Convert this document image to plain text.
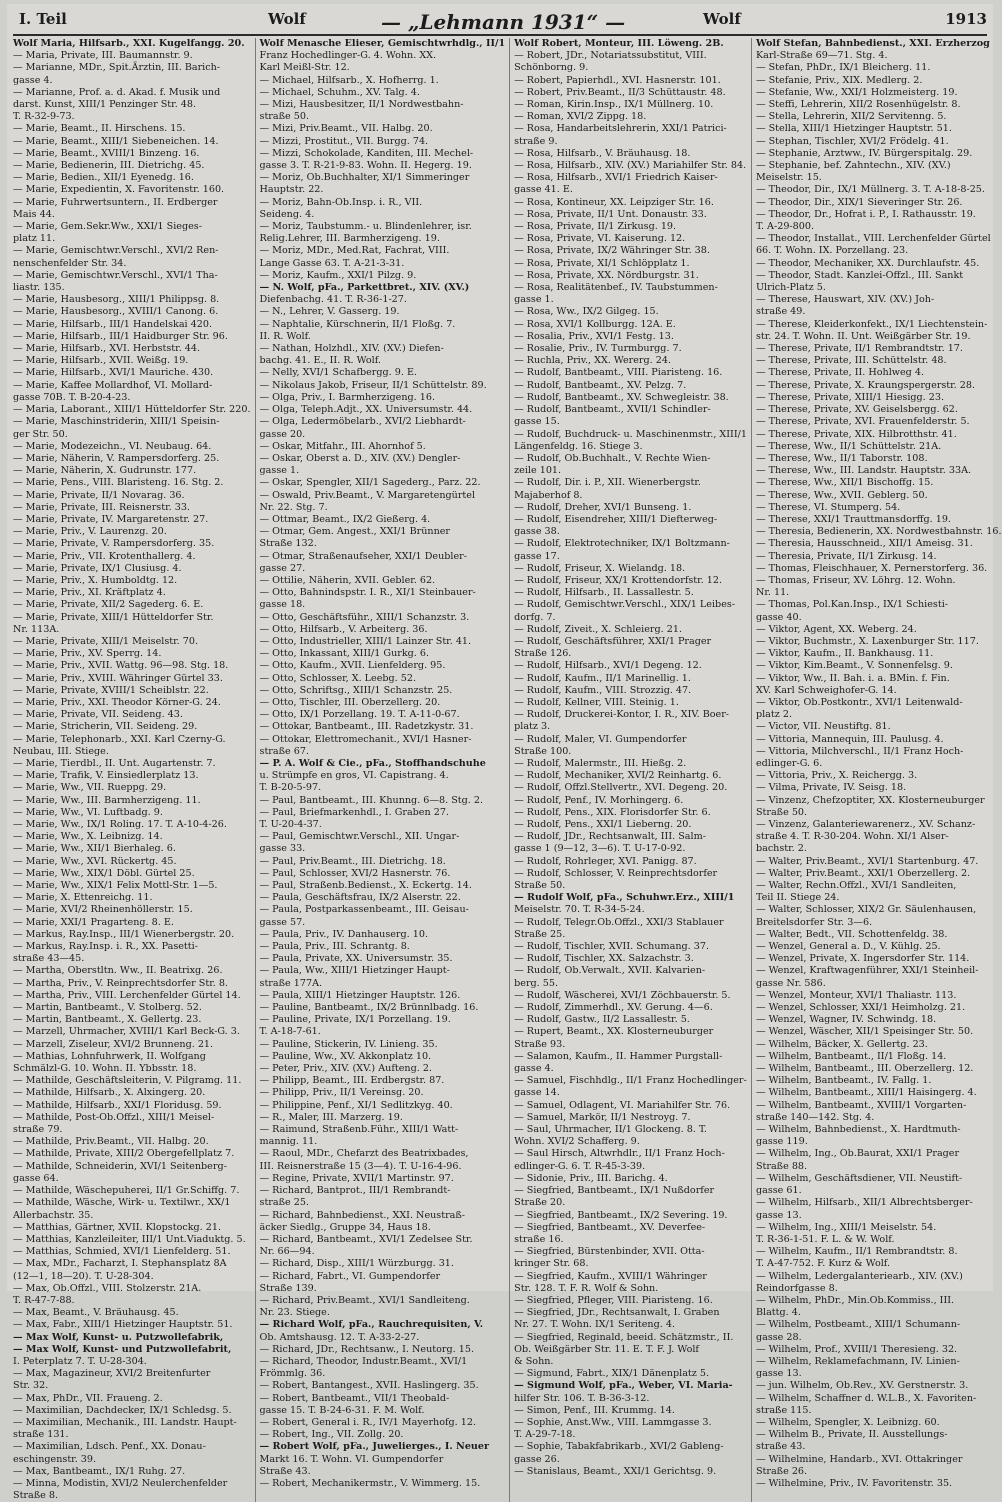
I. Teil	Wolf	— „Lehmann 1931“ —	Wolf	1913
Wolf Maria, Hilfsarb., XXI. Kugelfangg. 20.
— Maria, Private, III. Baumannstr. 9.
— Marianne, MDr., Spit.Ärztin, III. Barich-
gasse 4.
— Marianne, Prof. a. d. Akad. f. Musik und
darst. Kunst, XIII/1 Penzinger Str. 48.
T. R-32-9-73.
— Marie, Beamt., II. Hirschens. 15.
— Marie, Beamt., XIII/1 Siebeneichen. 14.
— Marie, Beamt., XVIII/1 Binzeng. 16.
— Marie, Bedienerin, III. Dietrichg. 45.
— Marie, Bedien., XII/1 Eyenedg. 16.
— Marie, Expedientin, X. Favoritenstr. 160.
— Marie, Fuhrwertsuntern., II. Erdberger
Mais 44.
— Marie, Gem.Sekr.Ww., XXI/1 Sieges-
platz 11.
— Marie, Gemischtwr.Verschl., XVI/2 Ren-
nenschenfelder Str. 34.
— Marie, Gemischtwr.Verschl., XVI/1 Tha-
liastr. 135.
— Marie, Hausbesorg., XIII/1 Philippsg. 8.
— Marie, Hausbesorg., XVIII/1 Canong. 6.
— Marie, Hilfsarb., III/1 Handelskai 420.
— Marie, Hilfsarb., III/1 Haidburger Str. 96.
— Marie, Hilfsarb., XVI. Herbststr. 44.
— Marie, Hilfsarb., XVII. Weißg. 19.
— Marie, Hilfsarb., XVI/1 Mauriche. 430.
— Marie, Kaffee Mollardhof, VI. Mollard-
gasse 70B. T. B-20-4-23.
— Maria, Laborant., XIII/1 Hütteldorfer Str. 220.
— Marie, Maschinstriderin, XIII/1 Speisin-
ger Str. 50.
— Marie, Modezeichn., VI. Neubaug. 64.
— Marie, Näherin, V. Rampersdorferg. 25.
— Marie, Näherin, X. Gudrunstr. 177.
— Marie, Pens., VIII. Blaristeng. 16. Stg. 2.
— Marie, Private, II/1 Novarag. 36.
— Marie, Private, III. Reisnerstr. 33.
— Marie, Private, IV. Margaretenstr. 27.
— Marie, Priv., V. Laurenzg. 20.
— Marie, Private, V. Rampersdorferg. 35.
— Marie, Priv., VII. Krotenthallerg. 4.
— Marie, Private, IX/1 Clusiusg. 4.
— Marie, Priv., X. Humboldtg. 12.
— Marie, Priv., XI. Kräftplatz 4.
— Marie, Private, XII/2 Sagederg. 6. E.
— Marie, Private, XIII/1 Hütteldorfer Str.
Nr. 113A.
— Marie, Private, XIII/1 Meiselstr. 70.
— Marie, Priv., XV. Sperrg. 14.
— Marie, Priv., XVII. Wattg. 96—98. Stg. 18.
— Marie, Priv., XVIII. Währinger Gürtel 33.
— Marie, Private, XVIII/1 Scheiblstr. 22.
— Marie, Priv., XXI. Theodor Körner-G. 24.
— Marie, Private, VII. Seideng. 43.
— Marie, Stricherin, VII. Seideng. 29.
— Marie, Telephonarb., XXI. Karl Czerny-G.
Neubau, III. Stiege.
— Marie, Tierdbl., II. Unt. Augartenstr. 7.
— Marie, Trafik, V. Einsiedlerplatz 13.
— Marie, Ww., VII. Rueppg. 29.
— Marie, Ww., III. Barmherzigeng. 11.
— Marie, Ww., VI. Luftbadg. 9.
— Marie, Ww., IX/1 Roling. 17. T. A-10-4-26.
— Marie, Ww., X. Leibnizg. 14.
— Marie, Ww., XII/1 Bierhaleg. 6.
— Marie, Ww., XVI. Rückertg. 45.
— Marie, Ww., XIX/1 Döbl. Gürtel 25.
— Marie, Ww., XIX/1 Felix Mottl-Str. 1—5.
— Marie, X. Ettenreichg. 11.
— Marie, XVI/2 Rheinenhöllerstr. 15.
— Marie, XXI/1 Pragarteng. 8. E.
— Markus, Ray.Insp., III/1 Wienerbergstr. 20.
— Markus, Ray.Insp. i. R., XX. Pasetti-
straße 43—45.
— Martha, Oberstltn. Ww., II. Beatrixg. 26.
— Martha, Priv., V. Reinprechtsdorfer Str. 8.
— Martha, Priv., VIII. Lerchenfelder Gürtel 14.
— Martin, Bantbeamt., V. Stolberg. 52.
— Martin, Bantbeamt., X. Gellertg. 23.
— Marzell, Uhrmacher, XVIII/1 Karl Beck-G. 3.
— Marzell, Ziseleur, XVI/2 Brunneng. 21.
— Mathias, Lohnfuhrwerk, II. Wolfgang
Schmälzl-G. 10. Wohn. II. Ybbsstr. 18.
— Mathilde, Geschäftsleiterin, V. Pilgramg. 11.
— Mathilde, Hilfsarb., X. Alxingerg. 20.
— Mathilde, Hilfsarb., XXI/1 Floridusg. 59.
— Mathilde, Post-Ob.Offzl., XIII/1 Meisel-
straße 79.
— Mathilde, Priv.Beamt., VII. Halbg. 20.
— Mathilde, Private, XIII/2 Obergefellplatz 7.
— Mathilde, Schneiderin, XVI/1 Seitenberg-
gasse 64.
— Mathilde, Wäschepuherei, II/1 Gr.Schiffg. 7.
— Mathilde, Wäsche, Wirk- u. Textilwr., XX/1
Allerbachstr. 35.
— Matthias, Gärtner, XVII. Klopstockg. 21.
— Matthias, Kanzleileiter, III/1 Unt.Viaduktg. 5.
— Matthias, Schmied, XVI/1 Lienfelderg. 51.
— Max, MDr., Facharzt, I. Stephansplatz 8A
(12—1, 18—20). T. U-28-304.
— Max, Ob.Offzl., VIII. Stolzerstr. 21A.
T. R-47-7-88.
— Max, Beamt., V. Bräuhausg. 45.
— Max, Fabr., XIII/1 Hietzinger Hauptstr. 51.
— Max Wolf, Kunst- u. Putzwollefabrik,
— Max Wolf, Kunst- und Putzwollefabrit,
I. Peterplatz 7. T. U-28-304.
— Max, Magazineur, XVI/2 Breitenfurter
Str. 32.
— Max, PhDr., VII. Fraueng. 2.
— Maximilian, Dachdecker, IX/1 Schledsg. 5.
— Maximilian, Mechanik., III. Landstr. Haupt-
straße 131.
— Maximilian, Ldsch. Penf., XX. Donau-
eschingenstr. 39.
— Max, Bantbeamt., IX/1 Ruhg. 27.
— Minna, Modistin, XVI/2 Neulerchenfelder
Straße 8.
Wolf Menasche Elieser, Gemischtwrhdlg., II/1
Franz Hochedlinger-G. 4. Wohn. XX.
Karl Meißl-Str. 12.
— Michael, Hilfsarb., X. Hofherrg. 1.
— Michael, Schuhm., XV. Talg. 4.
— Mizi, Hausbesitzer, II/1 Nordwestbahn-
straße 50.
— Mizi, Priv.Beamt., VII. Halbg. 20.
— Mizzi, Prostitut., VII. Burgg. 74.
— Mizzi, Schokolade, Kanditen, III. Mechel-
gasse 3. T. R-21-9-83. Wohn. II. Hegerg. 19.
— Moriz, Ob.Buchhalter, XI/1 Simmeringer
Hauptstr. 22.
— Moriz, Bahn-Ob.Insp. i. R., VII.
Seideng. 4.
— Moriz, Taubstumm.- u. Blindenlehrer, isr.
Relig.Lehrer, III. Barmherzigeng. 19.
— Moriz, MDr., Med.Rat, Fachrat, VIII.
Lange Gasse 63. T. A-21-3-31.
— Moriz, Kaufm., XXI/1 Pilzg. 9.
— N. Wolf, pFa., Parkettbret., XIV. (XV.)
Diefenbachg. 41. T. R-36-1-27.
— N., Lehrer, V. Gasserg. 19.
— Naphtalie, Kürschnerin, II/1 Floßg. 7.
II. R. Wolf.
— Nathan, Holzhdl., XIV. (XV.) Diefen-
bachg. 41. E., II. R. Wolf.
— Nelly, XVI/1 Schafbergg. 9. E.
— Nikolaus Jakob, Friseur, II/1 Schüttelstr. 89.
— Olga, Priv., I. Barmherzigeng. 16.
— Olga, Teleph.Adjt., XX. Universumstr. 44.
— Olga, Ledermöbelarb., XVI/2 Liebhardt-
gasse 20.
— Oskar, Mitfahr., III. Ahornhof 5.
— Oskar, Oberst a. D., XIV. (XV.) Dengler-
gasse 1.
— Oskar, Spengler, XII/1 Sagederg., Parz. 22.
— Oswald, Priv.Beamt., V. Margaretengürtel
Nr. 22. Stg. 7.
— Ottmar, Beamt., IX/2 Gießerg. 4.
— Otmar, Gem. Angest., XXI/1 Brünner
Straße 132.
— Otmar, Straßenaufseher, XXI/1 Deubler-
gasse 27.
— Ottilie, Näherin, XVII. Gebler. 62.
— Otto, Bahnindspstr. I. R., XI/1 Steinbauer-
gasse 18.
— Otto, Geschäftsführ., XIII/1 Schanzstr. 3.
— Otto, Hilfsarb., V. Arbeiterg. 36.
— Otto, Industrieller, XIII/1 Lainzer Str. 41.
— Otto, Inkassant, XIII/1 Gurkg. 6.
— Otto, Kaufm., XVII. Lienfelderg. 95.
— Otto, Schlosser, X. Leebg. 52.
— Otto, Schriftsg., XIII/1 Schanzstr. 25.
— Otto, Tischler, III. Oberzellerg. 20.
— Otto, IX/1 Porzellang. 19. T. A-11-0-67.
— Ottokar, Bantbeamt., III. Radetzkystr. 31.
— Ottokar, Elettromechanit., XVI/1 Hasner-
straße 67.
— P. A. Wolf & Cie., pFa., Stoffhandschuhe
u. Strümpfe en gros, VI. Capistrang. 4.
T. B-20-5-97.
— Paul, Bantbeamt., III. Khunng. 6—8. Stg. 2.
— Paul, Briefmarkenhdl., I. Graben 27.
T. U-20-4-37.
— Paul, Gemischtwr.Verschl., XII. Ungar-
gasse 33.
— Paul, Priv.Beamt., III. Dietrichg. 18.
— Paul, Schlosser, XVI/2 Hasnerstr. 76.
— Paul, Straßenb.Bedienst., X. Eckertg. 14.
— Paula, Geschäftsfrau, IX/2 Alserstr. 22.
— Paula, Postparkassenbeamt., III. Geisau-
gasse 57.
— Paula, Priv., IV. Danhauserg. 10.
— Paula, Priv., III. Schrantg. 8.
— Paula, Private, XX. Universumstr. 35.
— Paula, Ww., XIII/1 Hietzinger Haupt-
straße 177A.
— Paula, XIII/1 Hietzinger Hauptstr. 126.
— Pauline, Bantbeamt., IX/2 Brünnlbadg. 16.
— Pauline, Private, IX/1 Porzellang. 19.
T. A-18-7-61.
— Pauline, Stickerin, IV. Linieng. 35.
— Pauline, Ww., XV. Akkonplatz 10.
— Peter, Priv., XIV. (XV.) Aufteng. 2.
— Philipp, Beamt., III. Erdbergstr. 87.
— Philipp, Priv., II/1 Vereinsg. 20.
— Philippine, Penf., XI/1 Sedlitzkyg. 40.
— R., Maler, III. Marzerg. 19.
— Raimund, Straßenb.Führ., XIII/1 Watt-
mannig. 11.
— Raoul, MDr., Chefarzt des Beatrixbades,
III. Reisnerstraße 15 (3—4). T. U-16-4-96.
— Regine, Private, XVII/1 Martinstr. 97.
— Richard, Bantprot., III/1 Rembrandt-
straße 25.
— Richard, Bahnbedienst., XXI. Neustraß-
äcker Siedlg., Gruppe 34, Haus 18.
— Richard, Bantbeamt., XVI/1 Zedelsee Str.
Nr. 66—94.
— Richard, Disp., XIII/1 Würzburgg. 31.
— Richard, Fabrt., VI. Gumpendorfer
Straße 139.
— Richard, Priv.Beamt., XVI/1 Sandleiteng.
Nr. 23. Stiege.
— Richard Wolf, pFa., Rauchrequisiten, V.
Ob. Amtshausg. 12. T. A-33-2-27.
— Richard, JDr., Rechtsanw., I. Neutorg. 15.
— Richard, Theodor, Industr.Beamt., XVI/1
Frömmlg. 36.
— Robert, Bantangest., XVII. Haslingerg. 35.
— Robert, Bantbeamt., VII/1 Theobald-
gasse 15. T. B-24-6-31. F. M. Wolf.
— Robert, General i. R., IV/1 Mayerhofg. 12.
— Robert, Ing., VII. Zollg. 20.
— Robert Wolf, pFa., Juwelierges., I. Neuer
Markt 16. T. Wohn. VI. Gumpendorfer
Straße 43.
— Robert, Mechanikermstr., V. Wimmerg. 15.
Wolf Robert, Monteur, III. Löweng. 2B.
— Robert, JDr., Notariatssubstitut, VIII.
Schönborng. 9.
— Robert, Papierhdl., XVI. Hasnerstr. 101.
— Robert, Priv.Beamt., II/3 Schüttaustr. 48.
— Roman, Kirin.Insp., IX/1 Müllnerg. 10.
— Roman, XVI/2 Zippg. 18.
— Rosa, Handarbeitslehrerin, XXI/1 Patrici-
straße 9.
— Rosa, Hilfsarb., V. Bräuhausg. 18.
— Rosa, Hilfsarb., XIV. (XV.) Mariahilfer Str. 84.
— Rosa, Hilfsarb., XVI/1 Friedrich Kaiser-
gasse 41. E.
— Rosa, Kontineur, XX. Leipziger Str. 16.
— Rosa, Private, II/1 Unt. Donaustr. 33.
— Rosa, Private, II/1 Zirkusg. 19.
— Rosa, Private, VI. Kaiserung. 12.
— Rosa, Private, IX/2 Währinger Str. 38.
— Rosa, Private, XI/1 Schlöpplatz 1.
— Rosa, Private, XX. Nördburgstr. 31.
— Rosa, Realitätenbef., IV. Taubstummen-
gasse 1.
— Rosa, Ww., IX/2 Gilgeg. 15.
— Rosa, XVI/1 Kollburgg. 12A. E.
— Rosalia, Priv., XVI/1 Festg. 13.
— Rosalie, Priv., IV. Turmburgg. 7.
— Ruchla, Priv., XX. Wererg. 24.
— Rudolf, Bantbeamt., VIII. Piaristeng. 16.
— Rudolf, Bantbeamt., XV. Pelzg. 7.
— Rudolf, Bantbeamt., XV. Schwegleistr. 38.
— Rudolf, Bantbeamt., XVII/1 Schindler-
gasse 15.
— Rudolf, Buchdruck- u. Maschinenmstr., XIII/1
Längenfeldg. 16. Stiege 3.
— Rudolf, Ob.Buchhalt., V. Rechte Wien-
zeile 101.
— Rudolf, Dir. i. P., XII. Wienerbergstr.
Majaberhof 8.
— Rudolf, Dreher, XVI/1 Bunseng. 1.
— Rudolf, Eisendreher, XIII/1 Diefterweg-
gasse 38.
— Rudolf, Elektrotechniker, IX/1 Boltzmann-
gasse 17.
— Rudolf, Friseur, X. Wielandg. 18.
— Rudolf, Friseur, XX/1 Krottendorfstr. 12.
— Rudolf, Hilfsarb., II. Lassallestr. 5.
— Rudolf, Gemischtwr.Verschl., XIX/1 Leibes-
dorfg. 7.
— Rudolf, Ziveit., X. Schleierg. 21.
— Rudolf, Geschäftsführer, XXI/1 Prager
Straße 126.
— Rudolf, Hilfsarb., XVI/1 Degeng. 12.
— Rudolf, Kaufm., II/1 Marinellig. 1.
— Rudolf, Kaufm., VIII. Strozzig. 47.
— Rudolf, Kellner, VIII. Steinig. 1.
— Rudolf, Druckerei-Kontor, I. R., XIV. Boer-
platz 3.
— Rudolf, Maler, VI. Gumpendorfer
Straße 100.
— Rudolf, Malermstr., III. Hießg. 2.
— Rudolf, Mechaniker, XVI/2 Reinhartg. 6.
— Rudolf, Offzl.Stellvertr., XVI. Degeng. 20.
— Rudolf, Penf., IV. Morhingerg. 6.
— Rudolf, Pens., XIX. Florisdorfer Str. 6.
— Rudolf, Pens., XXI/1 Lieberng. 20.
— Rudolf, JDr., Rechtsanwalt, III. Salm-
gasse 1 (9—12, 3—6). T. U-17-0-92.
— Rudolf, Rohrleger, XVI. Panigg. 87.
— Rudolf, Schlosser, V. Reinprechtsdorfer
Straße 50.
— Rudolf Wolf, pFa., Schuhwr.Erz., XIII/1
Meiselstr. 70. T. R-34-5-24.
— Rudolf, Telegr.Ob.Offzl., XXI/3 Stablauer
Straße 25.
— Rudolf, Tischler, XVII. Schumang. 37.
— Rudolf, Tischler, XX. Salzachstr. 3.
— Rudolf, Ob.Verwalt., XVII. Kalvarien-
berg. 55.
— Rudolf, Wäscherei, XVI/1 Zöchbauerstr. 5.
— Rudolf, Zimmerhdl., XV. Gerung. 4—6.
— Rudolf, Gastw., II/2 Lassallestr. 5.
— Rupert, Beamt., XX. Klosterneuburger
Straße 93.
— Salamon, Kaufm., II. Hammer Purgstall-
gasse 4.
— Samuel, Fischhdlg., II/1 Franz Hochedlinger-
gasse 14.
— Samuel, Odlagent, VI. Mariahilfer Str. 76.
— Samuel, Markör, II/1 Nestroyg. 7.
— Saul, Uhrmacher, II/1 Glockeng. 8. T.
Wohn. XVI/2 Schafferg. 9.
— Saul Hirsch, Altwrhdlr., II/1 Franz Hoch-
edlinger-G. 6. T. R-45-3-39.
— Sidonie, Priv., III. Barichg. 4.
— Siegfried, Bantbeamt., IX/1 Nußdorfer
Straße 20.
— Siegfried, Bantbeamt., IX/2 Severing. 19.
— Siegfried, Bantbeamt., XV. Deverfee-
straße 16.
— Siegfried, Bürstenbinder, XVII. Otta-
kringer Str. 68.
— Siegfried, Kaufm., XVIII/1 Währinger
Str. 128. T. F. R. Wolf & Sohn.
— Siegfried, Pfleger, VIII. Piaristeng. 16.
— Siegfried, JDr., Rechtsanwalt, I. Graben
Nr. 27. T. Wohn. IX/1 Seriteng. 4.
— Siegfried, Reginald, beeid. Schätzmstr., II.
Ob. Weißgärber Str. 11. E. T. F. J. Wolf
& Sohn.
— Sigmund, Fabrt., XIX/1 Dänenplatz 5.
— Sigmund Wolf, pFa., Weber, VI. Maria-
hilfer Str. 106. T. B-36-3-12.
— Simon, Penf., III. Krummg. 14.
— Sophie, Anst.Ww., VIII. Lammgasse 3.
T. A-29-7-18.
— Sophie, Tabakfabrikarb., XVI/2 Gableng-
gasse 26.
— Stanislaus, Beamt., XXI/1 Gerichtsg. 9.
Wolf Stefan, Bahnbedienst., XXI. Erzherzog
Karl-Straße 69—71. Stg. 4.
— Stefan, PhDr., IX/1 Bleicherg. 11.
— Stefanie, Priv., XIX. Medlerg. 2.
— Stefanie, Ww., XXI/1 Holzmeisterg. 19.
— Steffi, Lehrerin, XII/2 Rosenhügelstr. 8.
— Stella, Lehrerin, XII/2 Servitenng. 5.
— Stella, XIII/1 Hietzinger Hauptstr. 51.
— Stephan, Tischler, XVI/2 Frödelg. 41.
— Stephanie, Arztww., IV. Bürgerspitalg. 29.
— Stephanie, bef. Zahntechn., XIV. (XV.)
Meiselstr. 15.
— Theodor, Dir., IX/1 Müllnerg. 3. T. A-18-8-25.
— Theodor, Dir., XIX/1 Sieveringer Str. 26.
— Theodor, Dr., Hofrat i. P., I. Rathausstr. 19.
T. A-29-800.
— Theodor, Installat., VIII. Lerchenfelder Gürtel
66. T. Wohn. IX. Porzellang. 23.
— Theodor, Mechaniker, XX. Durchlaufstr. 45.
— Theodor, Stadt. Kanzlei-Offzl., III. Sankt
Ulrich-Platz 5.
— Therese, Hauswart, XIV. (XV.) Joh-
straße 49.
— Therese, Kleiderkonfekt., IX/1 Liechtenstein-
str. 24. T. Wohn. II. Unt. Weißgärber Str. 19.
— Therese, Private, II/1 Rembrandtstr. 17.
— Therese, Private, III. Schüttelstr. 48.
— Therese, Private, II. Hohlweg 4.
— Therese, Private, X. Kraungspergerstr. 28.
— Therese, Private, XIII/1 Hiesigg. 23.
— Therese, Private, XV. Geiselsbergg. 62.
— Therese, Private, XVI. Frauenfelderstr. 5.
— Therese, Private, XIX. Hilbrotthstr. 41.
— Therese, Ww., II/1 Schüttelstr. 21A.
— Therese, Ww., II/1 Taborstr. 108.
— Therese, Ww., III. Landstr. Hauptstr. 33A.
— Therese, Ww., XII/1 Bischoffg. 15.
— Therese, Ww., XVII. Geblerg. 50.
— Therese, VI. Stumperg. 54.
— Therese, XXI/1 Trauttmansdorffg. 19.
— Theresia, Bedienerin, XX. Nordwestbahnstr. 16.
— Theresia, Hausschneid., XII/1 Ameisg. 31.
— Theresia, Private, II/1 Zirkusg. 14.
— Thomas, Fleischhauer, X. Pernerstorferg. 36.
— Thomas, Friseur, XV. Löhrg. 12. Wohn.
Nr. 11.
— Thomas, Pol.Kan.Insp., IX/1 Schiesti-
gasse 40.
— Viktor, Agent, XX. Weberg. 24.
— Viktor, Buchmstr., X. Laxenburger Str. 117.
— Viktor, Kaufm., II. Bankhausg. 11.
— Viktor, Kim.Beamt., V. Sonnenfelsg. 9.
— Viktor, Ww., II. Bah. i. a. BMin. f. Fin.
XV. Karl Schweighofer-G. 14.
— Viktor, Ob.Postkontr., XVI/1 Leitenwald-
platz 2.
— Victor, VII. Neustiftg. 81.
— Vittoria, Mannequin, III. Paulusg. 4.
— Vittoria, Milchverschl., II/1 Franz Hoch-
edlinger-G. 6.
— Vittoria, Priv., X. Reichergg. 3.
— Vilma, Private, IV. Seisg. 18.
— Vinzenz, Chefzoptiter, XX. Klosterneuburger
Straße 50.
— Vinzenz, Galanteriewarenerz., XV. Schanz-
straße 4. T. R-30-204. Wohn. XI/1 Alser-
bachstr. 2.
— Walter, Priv.Beamt., XVI/1 Startenburg. 47.
— Walter, Priv.Beamt., XXI/1 Oberzellerg. 2.
— Walter, Rechn.Offzl., XVI/1 Sandleiten,
Teil II. Stiege 24.
— Walter, Schlosser, XIX/2 Gr. Säulenhausen,
Breitelsdorfer Str. 3—6.
— Walter, Bedt., VII. Schottenfeldg. 38.
— Wenzel, General a. D., V. Kühlg. 25.
— Wenzel, Private, X. Ingersdorfer Str. 114.
— Wenzel, Kraftwagenführer, XXI/1 Steinheil-
gasse Nr. 586.
— Wenzel, Monteur, XVI/1 Thaliastr. 113.
— Wenzel, Schlosser, XXI/1 Heimholzg. 21.
— Wenzel, Wagner, IV. Schwindg. 18.
— Wenzel, Wäscher, XII/1 Speisinger Str. 50.
— Wilhelm, Bäcker, X. Gellertg. 23.
— Wilhelm, Bantbeamt., II/1 Floßg. 14.
— Wilhelm, Bantbeamt., III. Oberzellerg. 12.
— Wilhelm, Bantbeamt., IV. Fallg. 1.
— Wilhelm, Bantbeamt., XIII/1 Haisingerg. 4.
— Wilhelm, Bantbeamt., XVIII/1 Vorgarten-
straße 140—142. Stg. 4.
— Wilhelm, Bahnbedienst., X. Hardtmuth-
gasse 119.
— Wilhelm, Ing., Ob.Baurat, XXI/1 Prager
Straße 88.
— Wilhelm, Geschäftsdiener, VII. Neustift-
gasse 61.
— Wilhelm, Hilfsarb., XII/1 Albrechtsberger-
gasse 13.
— Wilhelm, Ing., XIII/1 Meiselstr. 54.
T. R-36-1-51. F. L. & W. Wolf.
— Wilhelm, Kaufm., II/1 Rembrandtstr. 8.
T. A-47-752. F. Kurz & Wolf.
— Wilhelm, Ledergalanteriearb., XIV. (XV.)
Reindorfgasse 8.
— Wilhelm, PhDr., Min.Ob.Kommiss., III.
Blattg. 4.
— Wilhelm, Postbeamt., XIII/1 Schumann-
gasse 28.
— Wilhelm, Prof., XVIII/1 Theresieng. 32.
— Wilhelm, Reklamefachmann, IV. Linien-
gasse 13.
— jun. Wilhelm, Ob.Rev., XV. Gerstnerstr. 3.
— Wilhelm, Schaffner d. W.L.B., X. Favoriten-
straße 115.
— Wilhelm, Spengler, X. Leibnizg. 60.
— Wilhelm B., Private, II. Ausstellungs-
straße 43.
— Wilhelmine, Handarb., XVI. Ottakringer
Straße 26.
— Wilhelmine, Priv., IV. Favoritenstr. 35.
